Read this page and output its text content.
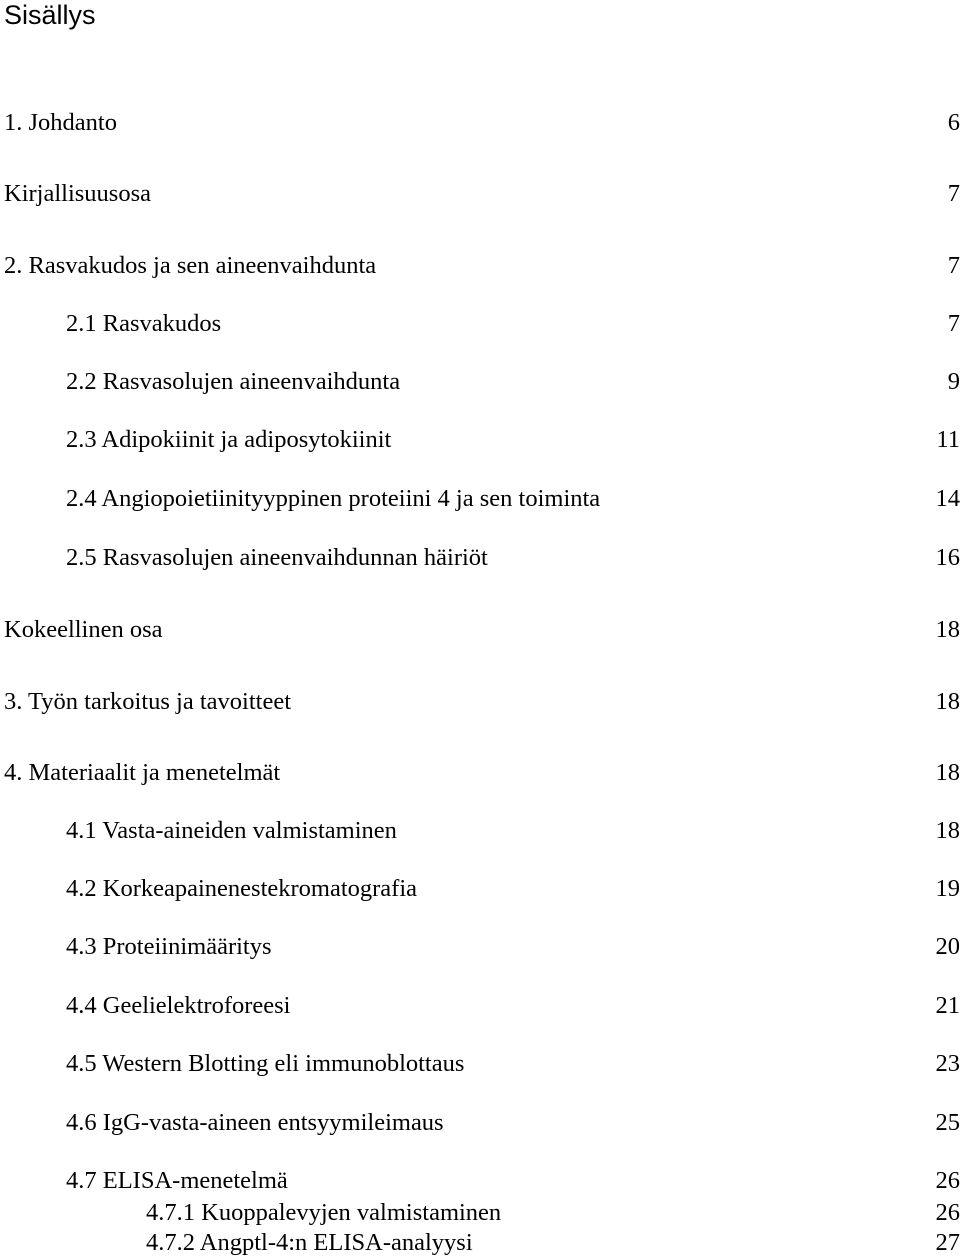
Sisällys
1. Johdanto	6
Kirjallisuusosa	7
2. Rasvakudos ja sen aineenvaihdunta	7
2.1 Rasvakudos	7
2.2 Rasvasolujen aineenvaihdunta	9
2.3 Adipokiinit ja adiposytokiinit	11
2.4 Angiopoietiinityyppinen proteiini 4 ja sen toiminta	14
2.5 Rasvasolujen aineenvaihdunnan häiriöt	16
Kokeellinen osa	18
3. Työn tarkoitus ja tavoitteet	18
4. Materiaalit ja menetelmät	18
4.1 Vasta-aineiden valmistaminen	18
4.2 Korkeapainenestekromatografia	19
4.3 Proteiinimääritys	20
4.4 Geelielektroforeesi	21
4.5 Western Blotting eli immunoblottaus	23
4.6 IgG-vasta-aineen entsyymileimaus	25
4.7 ELISA-menetelmä	26
4.7.1 Kuoppalevyjen valmistaminen	26
4.7.2 Angptl-4:n ELISA-analyysi	27
